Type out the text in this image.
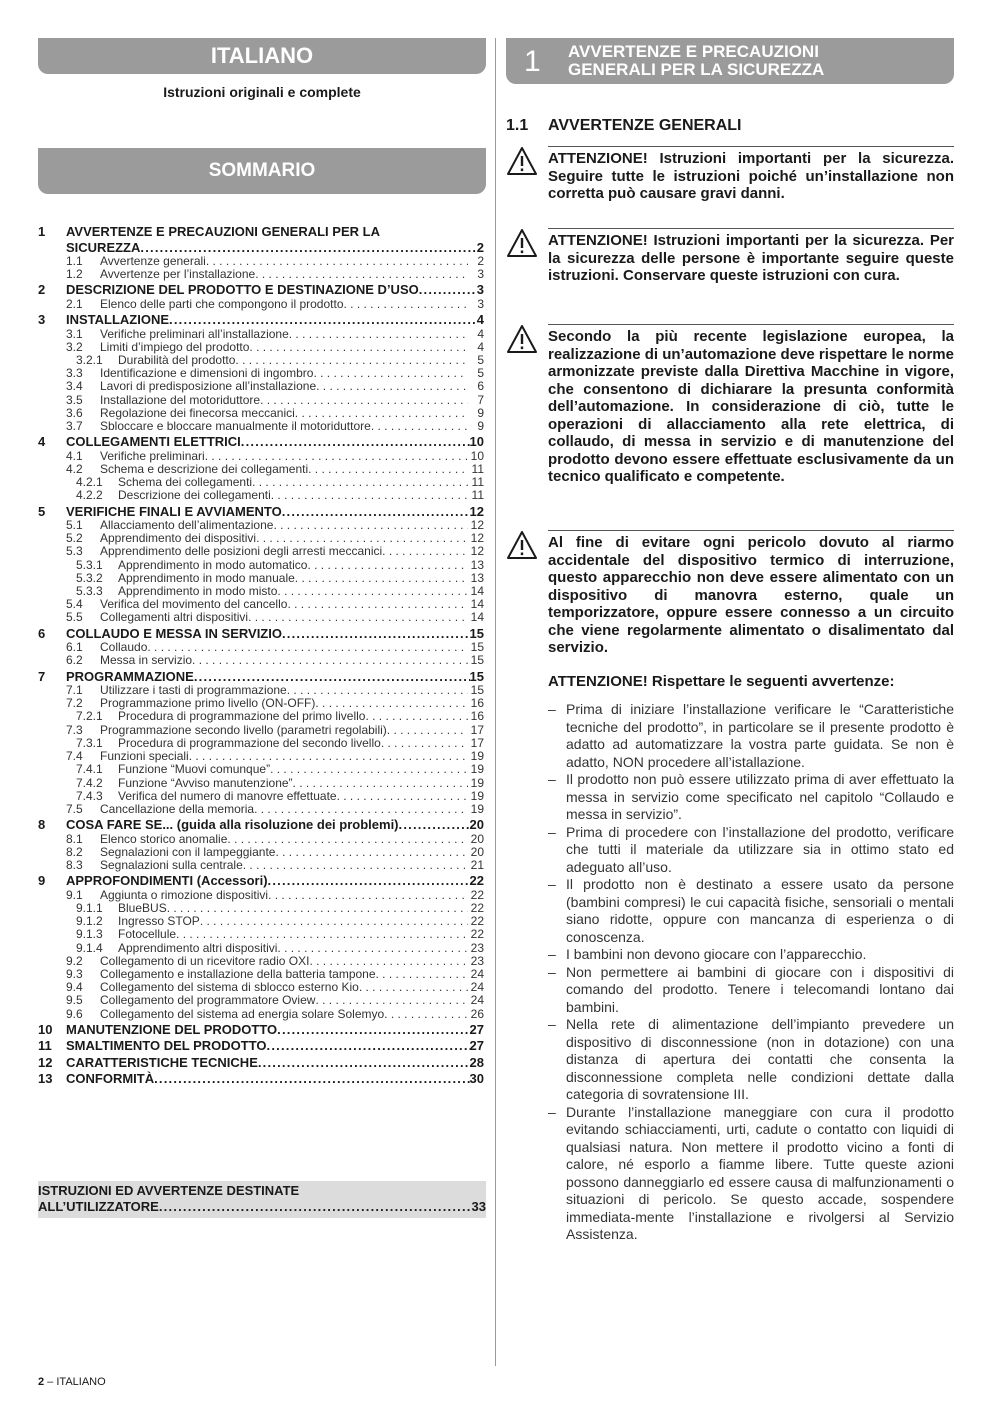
ITALIANO
Istruzioni originali e complete
SOMMARIO
1 AVVERTENZE E PRECAUZIONI GENERALI PER LA
SICUREZZA .....	2
1.1	Avvertenze generali . . .	2
1.2	Avvertenze per l’installazione . . .	3
2	DESCRIZIONE DEL PRODOTTO E DESTINAZIONE D’USO .....	3
2.1	Elenco delle parti che compongono il prodotto . . .	3
3	INSTALLAZIONE .....	4
3.1	Verifiche preliminari all’installazione . . .	4
3.2	Limiti d’impiego del prodotto . . .	4
3.2.1	Durabilità del prodotto . . .	5
3.3	Identificazione e dimensioni di ingombro . . .	5
3.4	Lavori di predisposizione all’installazione . . .	6
3.5	Installazione del motoriduttore . . .	7
3.6	Regolazione dei finecorsa meccanici . . .	9
3.7	Sbloccare e bloccare manualmente il motoriduttore . . .	9
4	COLLEGAMENTI ELETTRICI .....	10
4.1	Verifiche preliminari . . .	10
4.2	Schema e descrizione dei collegamenti . . .	11
4.2.1	Schema dei collegamenti . . .	11
4.2.2	Descrizione dei collegamenti . . .	11
5	VERIFICHE FINALI E AVVIAMENTO .....	12
5.1	Allacciamento dell’alimentazione . . .	12
5.2	Apprendimento dei dispositivi . . .	12
5.3	Apprendimento delle posizioni degli arresti meccanici . . .	12
5.3.1	Apprendimento in modo automatico . . .	13
5.3.2	Apprendimento in modo manuale . . .	13
5.3.3	Apprendimento in modo misto . . .	14
5.4	Verifica del movimento del cancello . . .	14
5.5	Collegamenti altri dispositivi . . .	14
6	COLLAUDO E MESSA IN SERVIZIO .....	15
6.1	Collaudo . . .	15
6.2	Messa in servizio . . .	15
7	PROGRAMMAZIONE .....	15
7.1	Utilizzare i tasti di programmazione . . .	15
7.2	Programmazione primo livello (ON-OFF) . . .	16
7.2.1	Procedura di programmazione del primo livello . . .	16
7.3	Programmazione secondo livello (parametri regolabili) . . .	17
7.3.1	Procedura di programmazione del secondo livello . . .	17
7.4	Funzioni speciali . . .	19
7.4.1	Funzione “Muovi comunque” . . .	19
7.4.2	Funzione “Avviso manutenzione” . . .	19
7.4.3	Verifica del numero di manovre effettuate . . .	19
7.5	Cancellazione della memoria . . .	19
8	COSA FARE SE... (guida alla risoluzione dei problemi) .....	20
8.1	Elenco storico anomalie . . .	20
8.2	Segnalazioni con il lampeggiante . . .	20
8.3	Segnalazioni sulla centrale . . .	21
9	APPROFONDIMENTI (Accessori) .....	22
9.1	Aggiunta o rimozione dispositivi . . .	22
9.1.1	BlueBUS . . .	22
9.1.2	Ingresso STOP . . .	22
9.1.3	Fotocellule . . .	22
9.1.4	Apprendimento altri dispositivi . . .	23
9.2	Collegamento di un ricevitore radio OXI . . .	23
9.3	Collegamento e installazione della batteria tampone . . .	24
9.4	Collegamento del sistema di sblocco esterno Kio . . .	24
9.5	Collegamento del programmatore Oview . . .	24
9.6	Collegamento del sistema ad energia solare Solemyo . . .	26
10	MANUTENZIONE DEL PRODOTTO .....	27
11	SMALTIMENTO DEL PRODOTTO .....	27
12	CARATTERISTICHE TECNICHE .....	28
13	CONFORMITÀ .....	30
ISTRUZIONI ED AVVERTENZE DESTINATE
ALL’UTILIZZATORE .....	33
1 AVVERTENZE E PRECAUZIONI
GENERALI PER LA SICUREZZA
1.1 AVVERTENZE GENERALI
ATTENZIONE! Istruzioni importanti per la sicurezza. Seguire tutte le istruzioni poiché un’installazione non corretta può causare gravi danni.
ATTENZIONE! Istruzioni importanti per la sicurezza. Per la sicurezza delle persone è importante seguire queste istruzioni. Conservare queste istruzioni con cura.
Secondo la più recente legislazione europea, la realizzazione di un’automazione deve rispettare le norme armonizzate previste dalla Direttiva Macchine in vigore, che consentono di dichiarare la presunta conformità dell’automazione. In considerazione di ciò, tutte le operazioni di allacciamento alla rete elettrica, di collaudo, di messa in servizio e di manutenzione del prodotto devono essere effettuate esclusivamente da un tecnico qualificato e competente.
Al fine di evitare ogni pericolo dovuto al riarmo accidentale del dispositivo termico di interruzione, questo apparecchio non deve essere alimentato con un dispositivo di manovra esterno, quale un temporizzatore, oppure essere connesso a un circuito che viene regolarmente alimentato o disalimentato dal servizio.
ATTENZIONE! Rispettare le seguenti avvertenze:
– Prima di iniziare l’installazione verificare le “Caratteristiche tecniche del prodotto”, in particolare se il presente prodotto è adatto ad automatizzare la vostra parte guidata. Se non è adatto, NON procedere all’istallazione.
– Il prodotto non può essere utilizzato prima di aver effettuato la messa in servizio come specificato nel capitolo “Collaudo e messa in servizio”.
– Prima di procedere con l’installazione del prodotto, verificare che tutti il materiale da utilizzare sia in ottimo stato ed adeguato all’uso.
– Il prodotto non è destinato a essere usato da persone (bambini compresi) le cui capacità fisiche, sensoriali o mentali siano ridotte, oppure con mancanza di esperienza o di conoscenza.
– I bambini non devono giocare con l’apparecchio.
– Non permettere ai bambini di giocare con i dispositivi di comando del prodotto. Tenere i telecomandi lontano dai bambini.
– Nella rete di alimentazione dell’impianto prevedere un dispositivo di disconnessione (non in dotazione) con una distanza di apertura dei contatti che consenta la disconnessione completa nelle condizioni dettate dalla categoria di sovratensione III.
– Durante l’installazione maneggiare con cura il prodotto evitando schiacciamenti, urti, cadute o contatto con liquidi di qualsiasi natura. Non mettere il prodotto vicino a fonti di calore, né esporlo a fiamme libere. Tutte queste azioni possono danneggiarlo ed essere causa di malfunzionamenti o situazioni di pericolo. Se questo accade, sospendere immediata-mente l’installazione e rivolgersi al Servizio Assistenza.
2 – ITALIANO
